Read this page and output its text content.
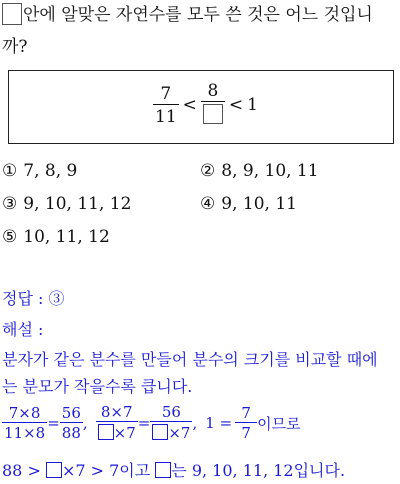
안에 알맞은 자연수를 모두 쓴 것은 어느 것입니
까?
$\frac{7}{11}$ <
8
< 1
① 7, 8, 9	② 8, 9, 10, 11
③ 9, 10, 11, 12	④ 9, 10, 11
⑤ 10, 11, 12
정답 : ③
해설 :
분자가 같은 분수를 만들어 분수의 크기를 비교할 때에
는 분모가 작을수록 큽니다.
$\frac{7\times 8}{11\times 8} = \frac{56}{88}$ , $\frac{8\times 7}{\times 7} = \frac{56}{\times 7}$ , $1 = \frac{7}{7}$ 이므로
88 > ×7 > 7이고 는 9, 10, 11, 12입니다.
